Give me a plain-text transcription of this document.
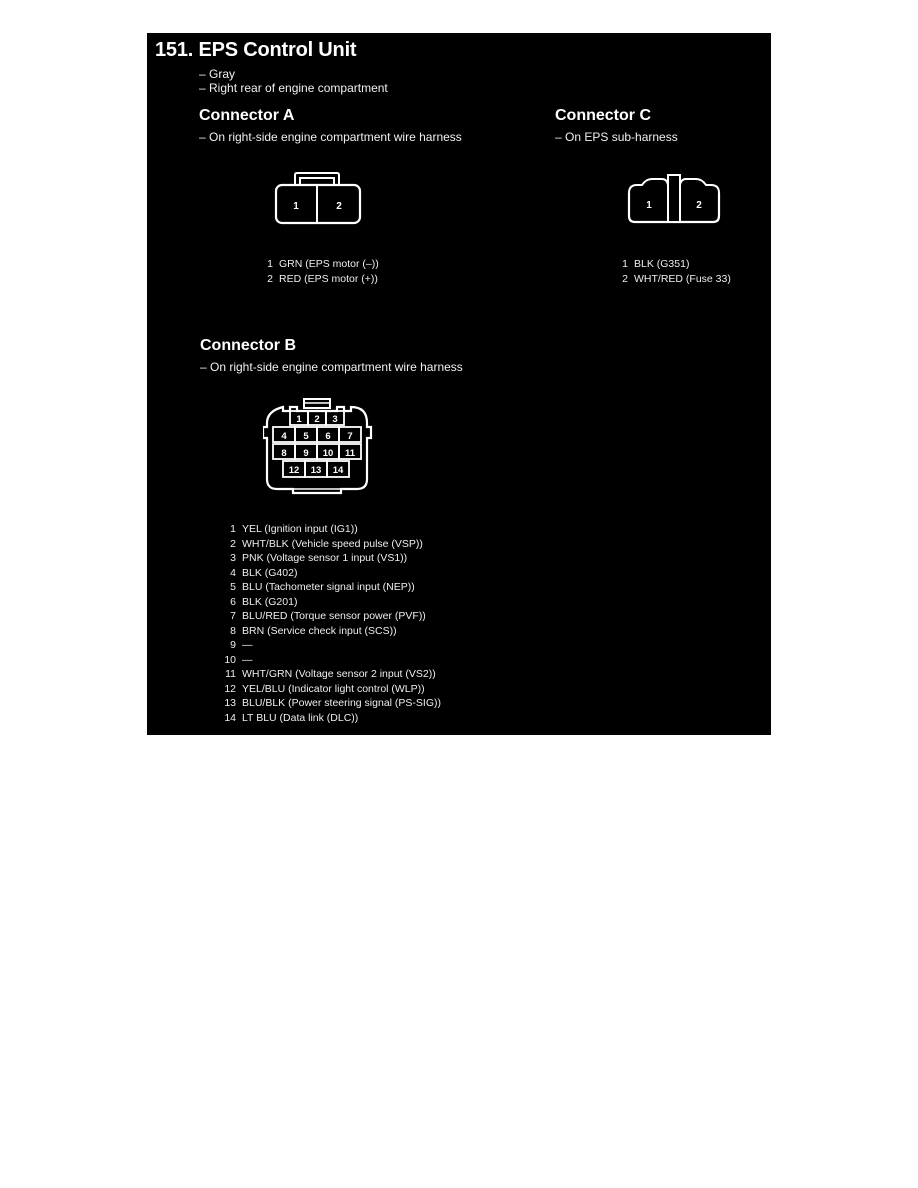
151. EPS Control Unit
– Gray
– Right rear of engine compartment
Connector A
– On right-side engine compartment wire harness
1	2
1 GRN (EPS motor (–))
2 RED (EPS motor (+))
Connector C
– On EPS sub-harness
1	2
1 BLK (G351)
2 WHT/RED (Fuse 33)
Connector B
– On right-side engine compartment wire harness
1 2 3
4 5 6 7
8 9 10 11
12 13 14
1 YEL (Ignition input (IG1))
2 WHT/BLK (Vehicle speed pulse (VSP))
3 PNK (Voltage sensor 1 input (VS1))
4 BLK (G402)
5 BLU (Tachometer signal input (NEP))
6 BLK (G201)
7 BLU/RED (Torque sensor power (PVF))
8 BRN (Service check input (SCS))
9 —
10 —
11 WHT/GRN (Voltage sensor 2 input (VS2))
12 YEL/BLU (Indicator light control (WLP))
13 BLU/BLK (Power steering signal (PS-SIG))
14 LT BLU (Data link (DLC))
